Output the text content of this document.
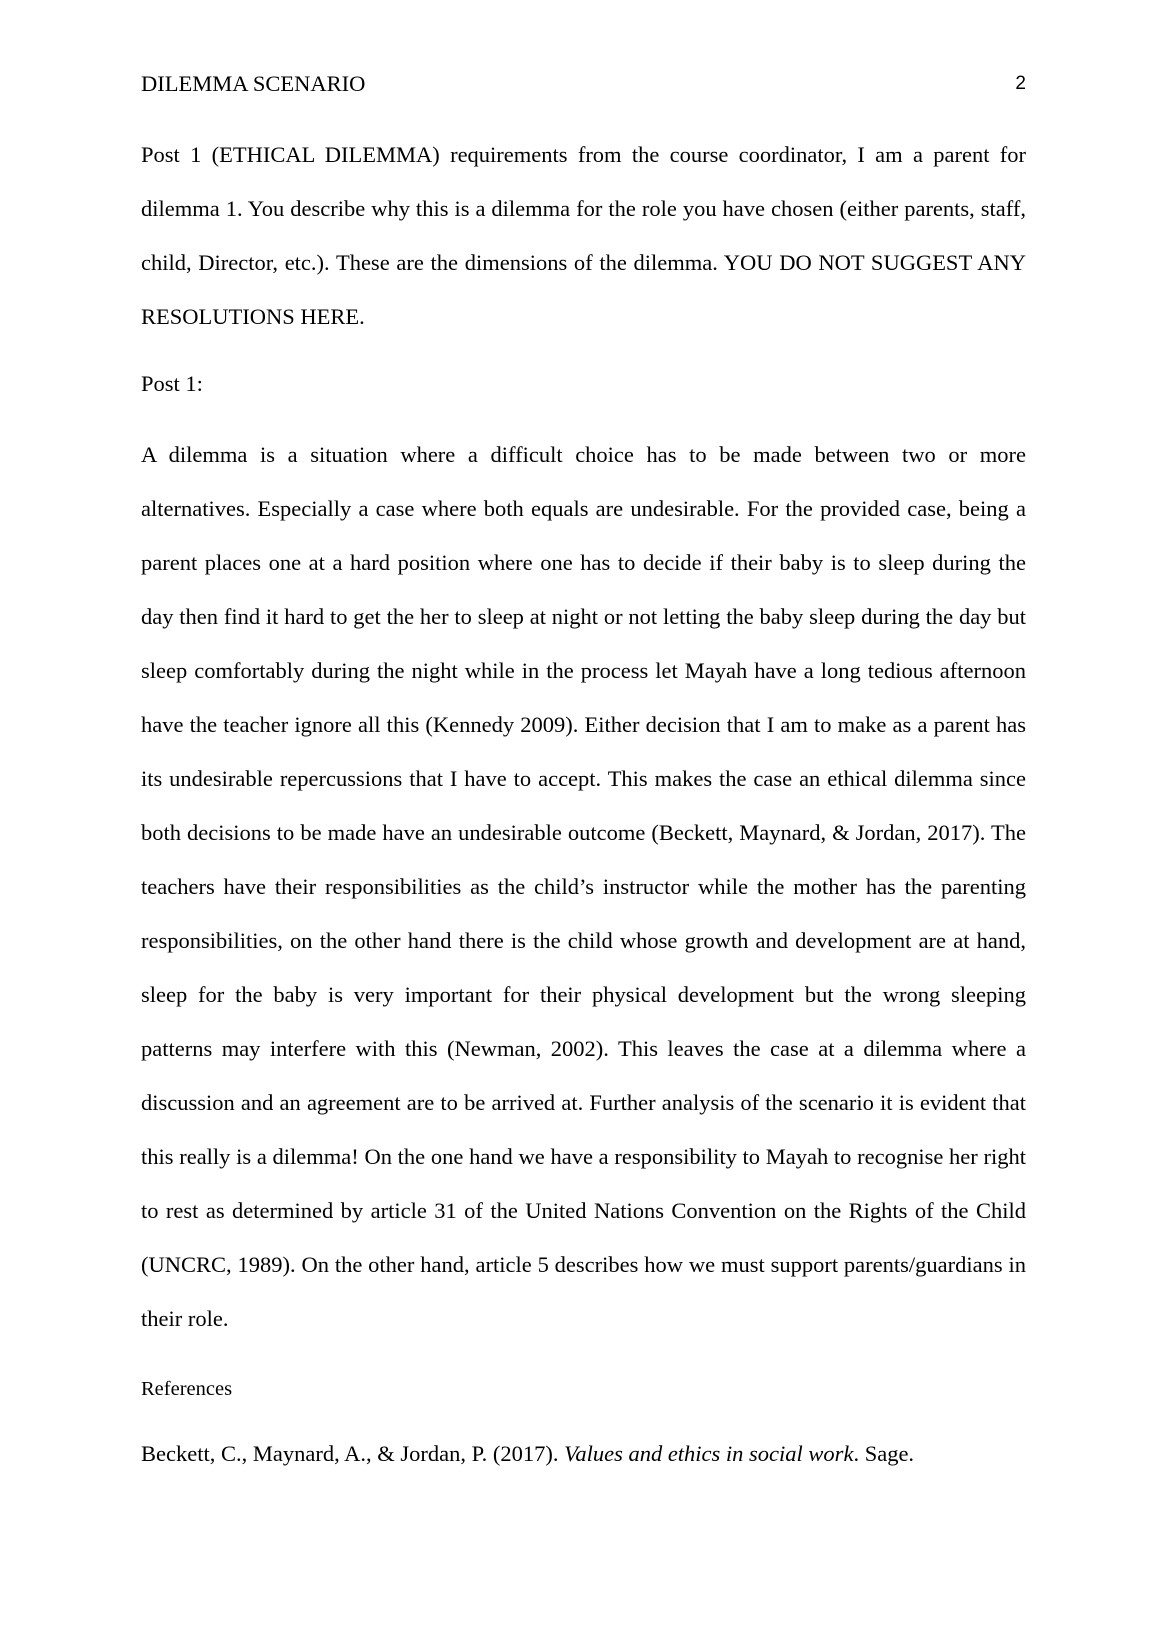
DILEMMA SCENARIO	2

Post 1 (ETHICAL DILEMMA) requirements from the course coordinator, I am a parent for dilemma 1. You describe why this is a dilemma for the role you have chosen (either parents, staff, child, Director, etc.). These are the dimensions of the dilemma. YOU DO NOT SUGGEST ANY RESOLUTIONS HERE.

Post 1:

A dilemma is a situation where a difficult choice has to be made between two or more alternatives. Especially a case where both equals are undesirable. For the provided case, being a parent places one at a hard position where one has to decide if their baby is to sleep during the day then find it hard to get the her to sleep at night or not letting the baby sleep during the day but sleep comfortably during the night while in the process let Mayah have a long tedious afternoon have the teacher ignore all this (Kennedy 2009). Either decision that I am to make as a parent has its undesirable repercussions that I have to accept. This makes the case an ethical dilemma since both decisions to be made have an undesirable outcome (Beckett, Maynard, & Jordan, 2017). The teachers have their responsibilities as the child’s instructor while the mother has the parenting responsibilities, on the other hand there is the child whose growth and development are at hand, sleep for the baby is very important for their physical development but the wrong sleeping patterns may interfere with this (Newman, 2002). This leaves the case at a dilemma where a discussion and an agreement are to be arrived at. Further analysis of the scenario it is evident that this really is a dilemma! On the one hand we have a responsibility to Mayah to recognise her right to rest as determined by article 31 of the United Nations Convention on the Rights of the Child (UNCRC, 1989). On the other hand, article 5 describes how we must support parents/guardians in their role.

References

Beckett, C., Maynard, A., & Jordan, P. (2017). Values and ethics in social work. Sage.
